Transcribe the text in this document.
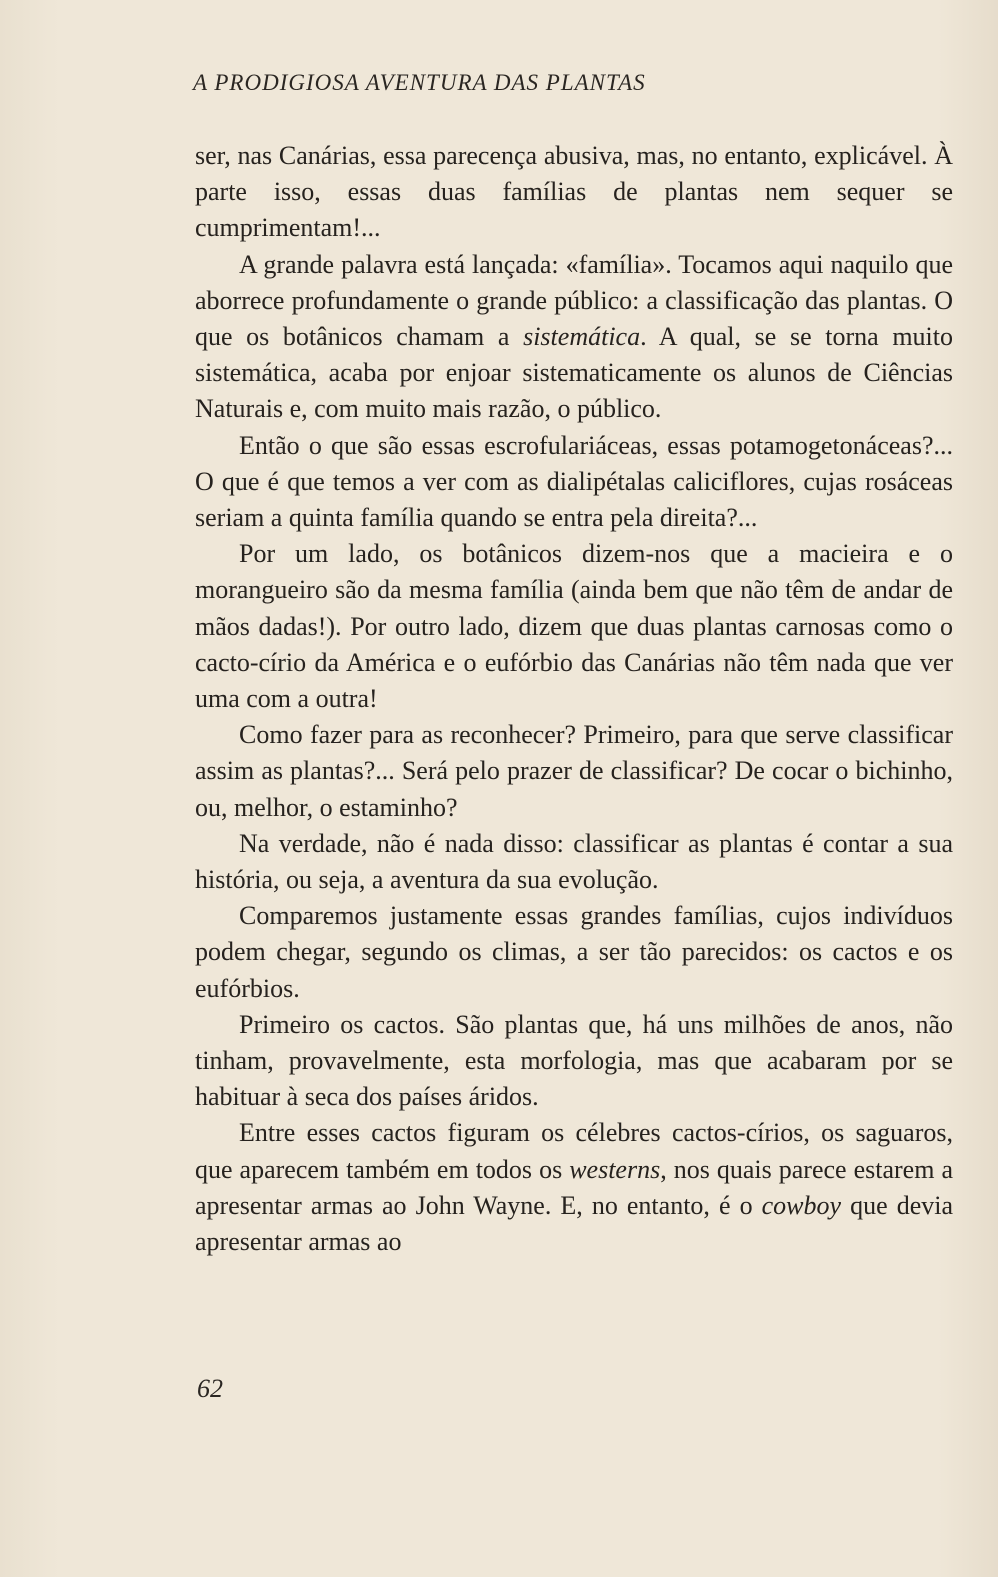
A PRODIGIOSA AVENTURA DAS PLANTAS

ser, nas Canárias, essa parecença abusiva, mas, no entanto, explicável. À parte isso, essas duas famílias de plantas nem sequer se cumprimentam!...

A grande palavra está lançada: «família». Tocamos aqui naquilo que aborrece profundamente o grande público: a classificação das plantas. O que os botânicos chamam a sistemática. A qual, se se torna muito sistemática, acaba por enjoar sistematicamente os alunos de Ciências Naturais e, com muito mais razão, o público.

Então o que são essas escrofulariáceas, essas potamogetonáceas?... O que é que temos a ver com as dialipétalas caliciflores, cujas rosáceas seriam a quinta família quando se entra pela direita?...

Por um lado, os botânicos dizem-nos que a macieira e o morangueiro são da mesma família (ainda bem que não têm de andar de mãos dadas!). Por outro lado, dizem que duas plantas carnosas como o cacto-círio da América e o eufórbio das Canárias não têm nada que ver uma com a outra!

Como fazer para as reconhecer? Primeiro, para que serve classificar assim as plantas?... Será pelo prazer de classificar? De cocar o bichinho, ou, melhor, o estaminho?

Na verdade, não é nada disso: classificar as plantas é contar a sua história, ou seja, a aventura da sua evolução.

Comparemos justamente essas grandes famílias, cujos indivíduos podem chegar, segundo os climas, a ser tão parecidos: os cactos e os eufórbios.

Primeiro os cactos. São plantas que, há uns milhões de anos, não tinham, provavelmente, esta morfologia, mas que acabaram por se habituar à seca dos países áridos.

Entre esses cactos figuram os célebres cactos-círios, os saguaros, que aparecem também em todos os westerns, nos quais parece estarem a apresentar armas ao John Wayne. E, no entanto, é o cowboy que devia apresentar armas ao

62
